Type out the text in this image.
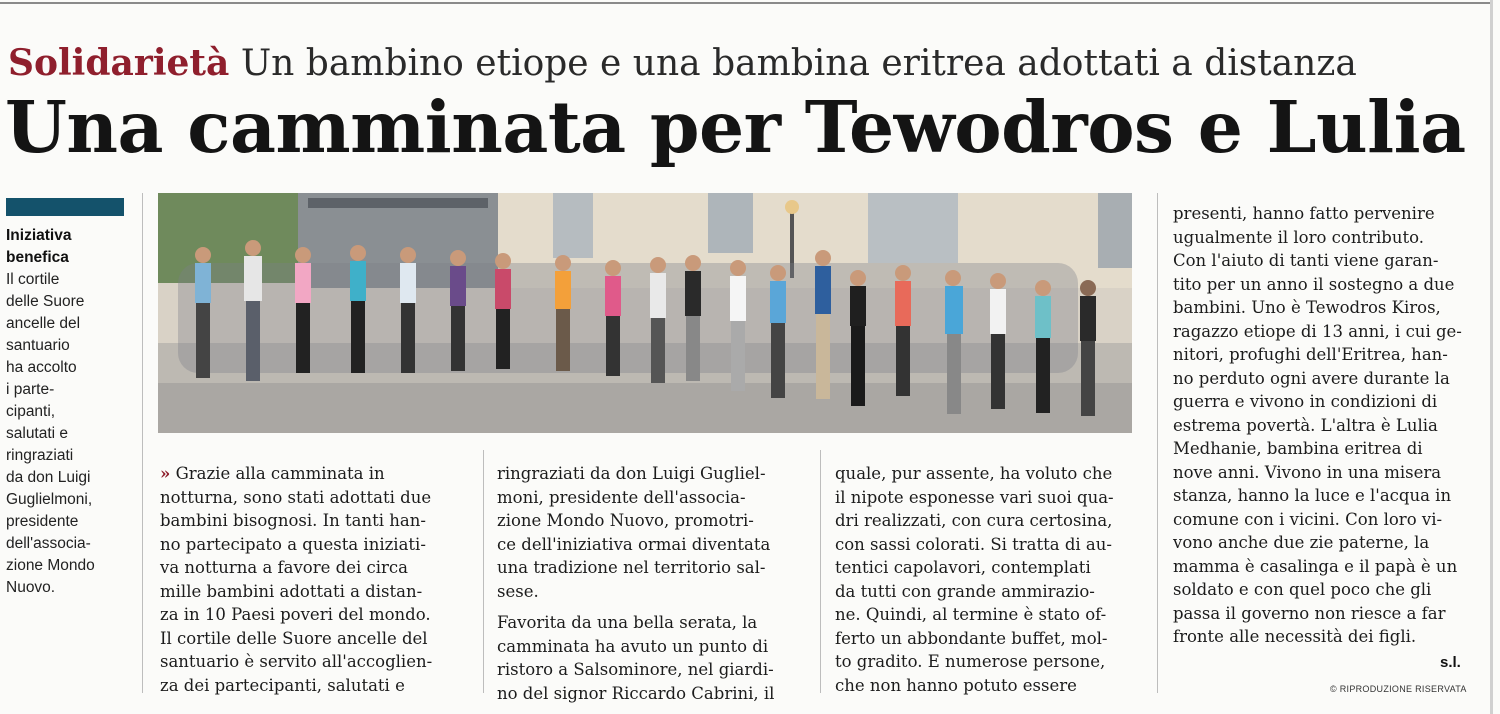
Solidarietà Un bambino etiope e una bambina eritrea adottati a distanza
Una camminata per Tewodros e Lulia
Iniziativa
benefica
Il cortile
delle Suore
ancelle del
santuario
ha accolto
i parte-
cipanti,
salutati e
ringraziati
da don Luigi
Guglielmoni,
presidente
dell'associa-
zione Mondo
Nuovo.

» Grazie alla camminata in

notturna, sono stati adottati due

bambini bisognosi. In tanti han-

no partecipato a questa iniziati-

va notturna a favore dei circa

mille bambini adottati a distan-

za in 10 Paesi poveri del mondo.

Il cortile delle Suore ancelle del

santuario è servito all'accoglien-

za dei partecipanti, salutati e

ringraziati da don Luigi Gugliel-

moni, presidente dell'associa-

zione Mondo Nuovo, promotri-

ce dell'iniziativa ormai diventata

una tradizione nel territorio sal-

sese.

Favorita da una bella serata, la

camminata ha avuto un punto di

ristoro a Salsominore, nel giardi-

no del signor Riccardo Cabrini, il

quale, pur assente, ha voluto che

il nipote esponesse vari suoi qua-

dri realizzati, con cura certosina,

con sassi colorati. Si tratta di au-

tentici capolavori, contemplati

da tutti con grande ammirazio-

ne. Quindi, al termine è stato of-

ferto un abbondante buffet, mol-

to gradito. E numerose persone,

che non hanno potuto essere

presenti, hanno fatto pervenire

ugualmente il loro contributo.

Con l'aiuto di tanti viene garan-

tito per un anno il sostegno a due

bambini. Uno è Tewodros Kiros,

ragazzo etiope di 13 anni, i cui ge-

nitori, profughi dell'Eritrea, han-

no perduto ogni avere durante la

guerra e vivono in condizioni di

estrema povertà. L'altra è Lulia

Medhanie, bambina eritrea di

nove anni. Vivono in una misera

stanza, hanno la luce e l'acqua in

comune con i vicini. Con loro vi-

vono anche due zie paterne, la

mamma è casalinga e il papà è un

soldato e con quel poco che gli

passa il governo non riesce a far

fronte alle necessità dei figli.

s.l.
© RIPRODUZIONE RISERVATA
